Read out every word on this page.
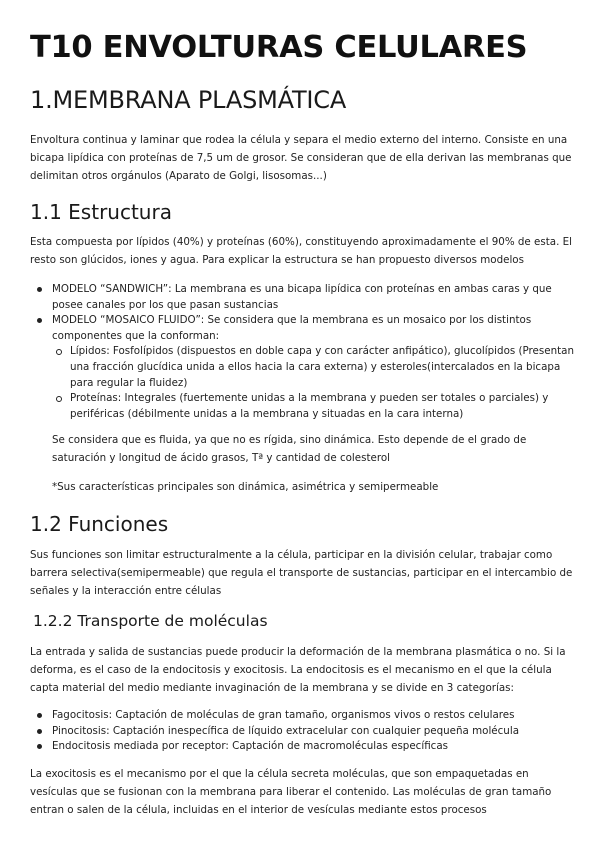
T10 ENVOLTURAS CELULARES
1.MEMBRANA PLASMÁTICA

Envoltura continua y laminar que rodea la célula y separa el medio externo del interno. Consiste en una bicapa lipídica con proteínas de 7,5 um de grosor. Se consideran que de ella derivan las membranas que delimitan otros orgánulos (Aparato de Golgi, lisosomas...)

1.1 Estructura

Esta compuesta por lípidos (40%) y proteínas (60%), constituyendo aproximadamente el 90% de esta. El resto son glúcidos, iones y agua. Para explicar la estructura se han propuesto diversos modelos

MODELO “SANDWICH”: La membrana es una bicapa lipídica con proteínas en ambas caras y que posee canales por los que pasan sustancias
MODELO “MOSAICO FLUIDO”: Se considera que la membrana es un mosaico por los distintos componentes que la conforman:
Lípidos: Fosfolípidos (dispuestos en doble capa y con carácter anfipático), glucolípidos (Presentan una fracción glucídica unida a ellos hacia la cara externa) y esteroles(intercalados en la bicapa para regular la fluidez)
Proteínas: Integrales (fuertemente unidas a la membrana y pueden ser totales o parciales) y periféricas (débilmente unidas a la membrana y situadas en la cara interna)

Se considera que es fluida, ya que no es rígida, sino dinámica. Esto depende de el grado de saturación y longitud de ácido grasos, Tª y cantidad de colesterol

*Sus características principales son dinámica, asimétrica y semipermeable

1.2 Funciones

Sus funciones son limitar estructuralmente a la célula, participar en la división celular, trabajar como barrera selectiva(semipermeable) que regula el transporte de sustancias, participar en el intercambio de señales y la interacción entre células

1.2.2 Transporte de moléculas

La entrada y salida de sustancias puede producir la deformación de la membrana plasmática o no. Si la deforma, es el caso de la endocitosis y exocitosis. La endocitosis es el mecanismo en el que la célula capta material del medio mediante invaginación de la membrana y se divide en 3 categorías:

Fagocitosis: Captación de moléculas de gran tamaño, organismos vivos o restos celulares
Pinocitosis: Captación inespecífica de líquido extracelular con cualquier pequeña molécula
Endocitosis mediada por receptor: Captación de macromoléculas específicas

La exocitosis es el mecanismo por el que la célula secreta moléculas, que son empaquetadas en vesículas que se fusionan con la membrana para liberar el contenido. Las moléculas de gran tamaño entran o salen de la célula, incluidas en el interior de vesículas mediante estos procesos
